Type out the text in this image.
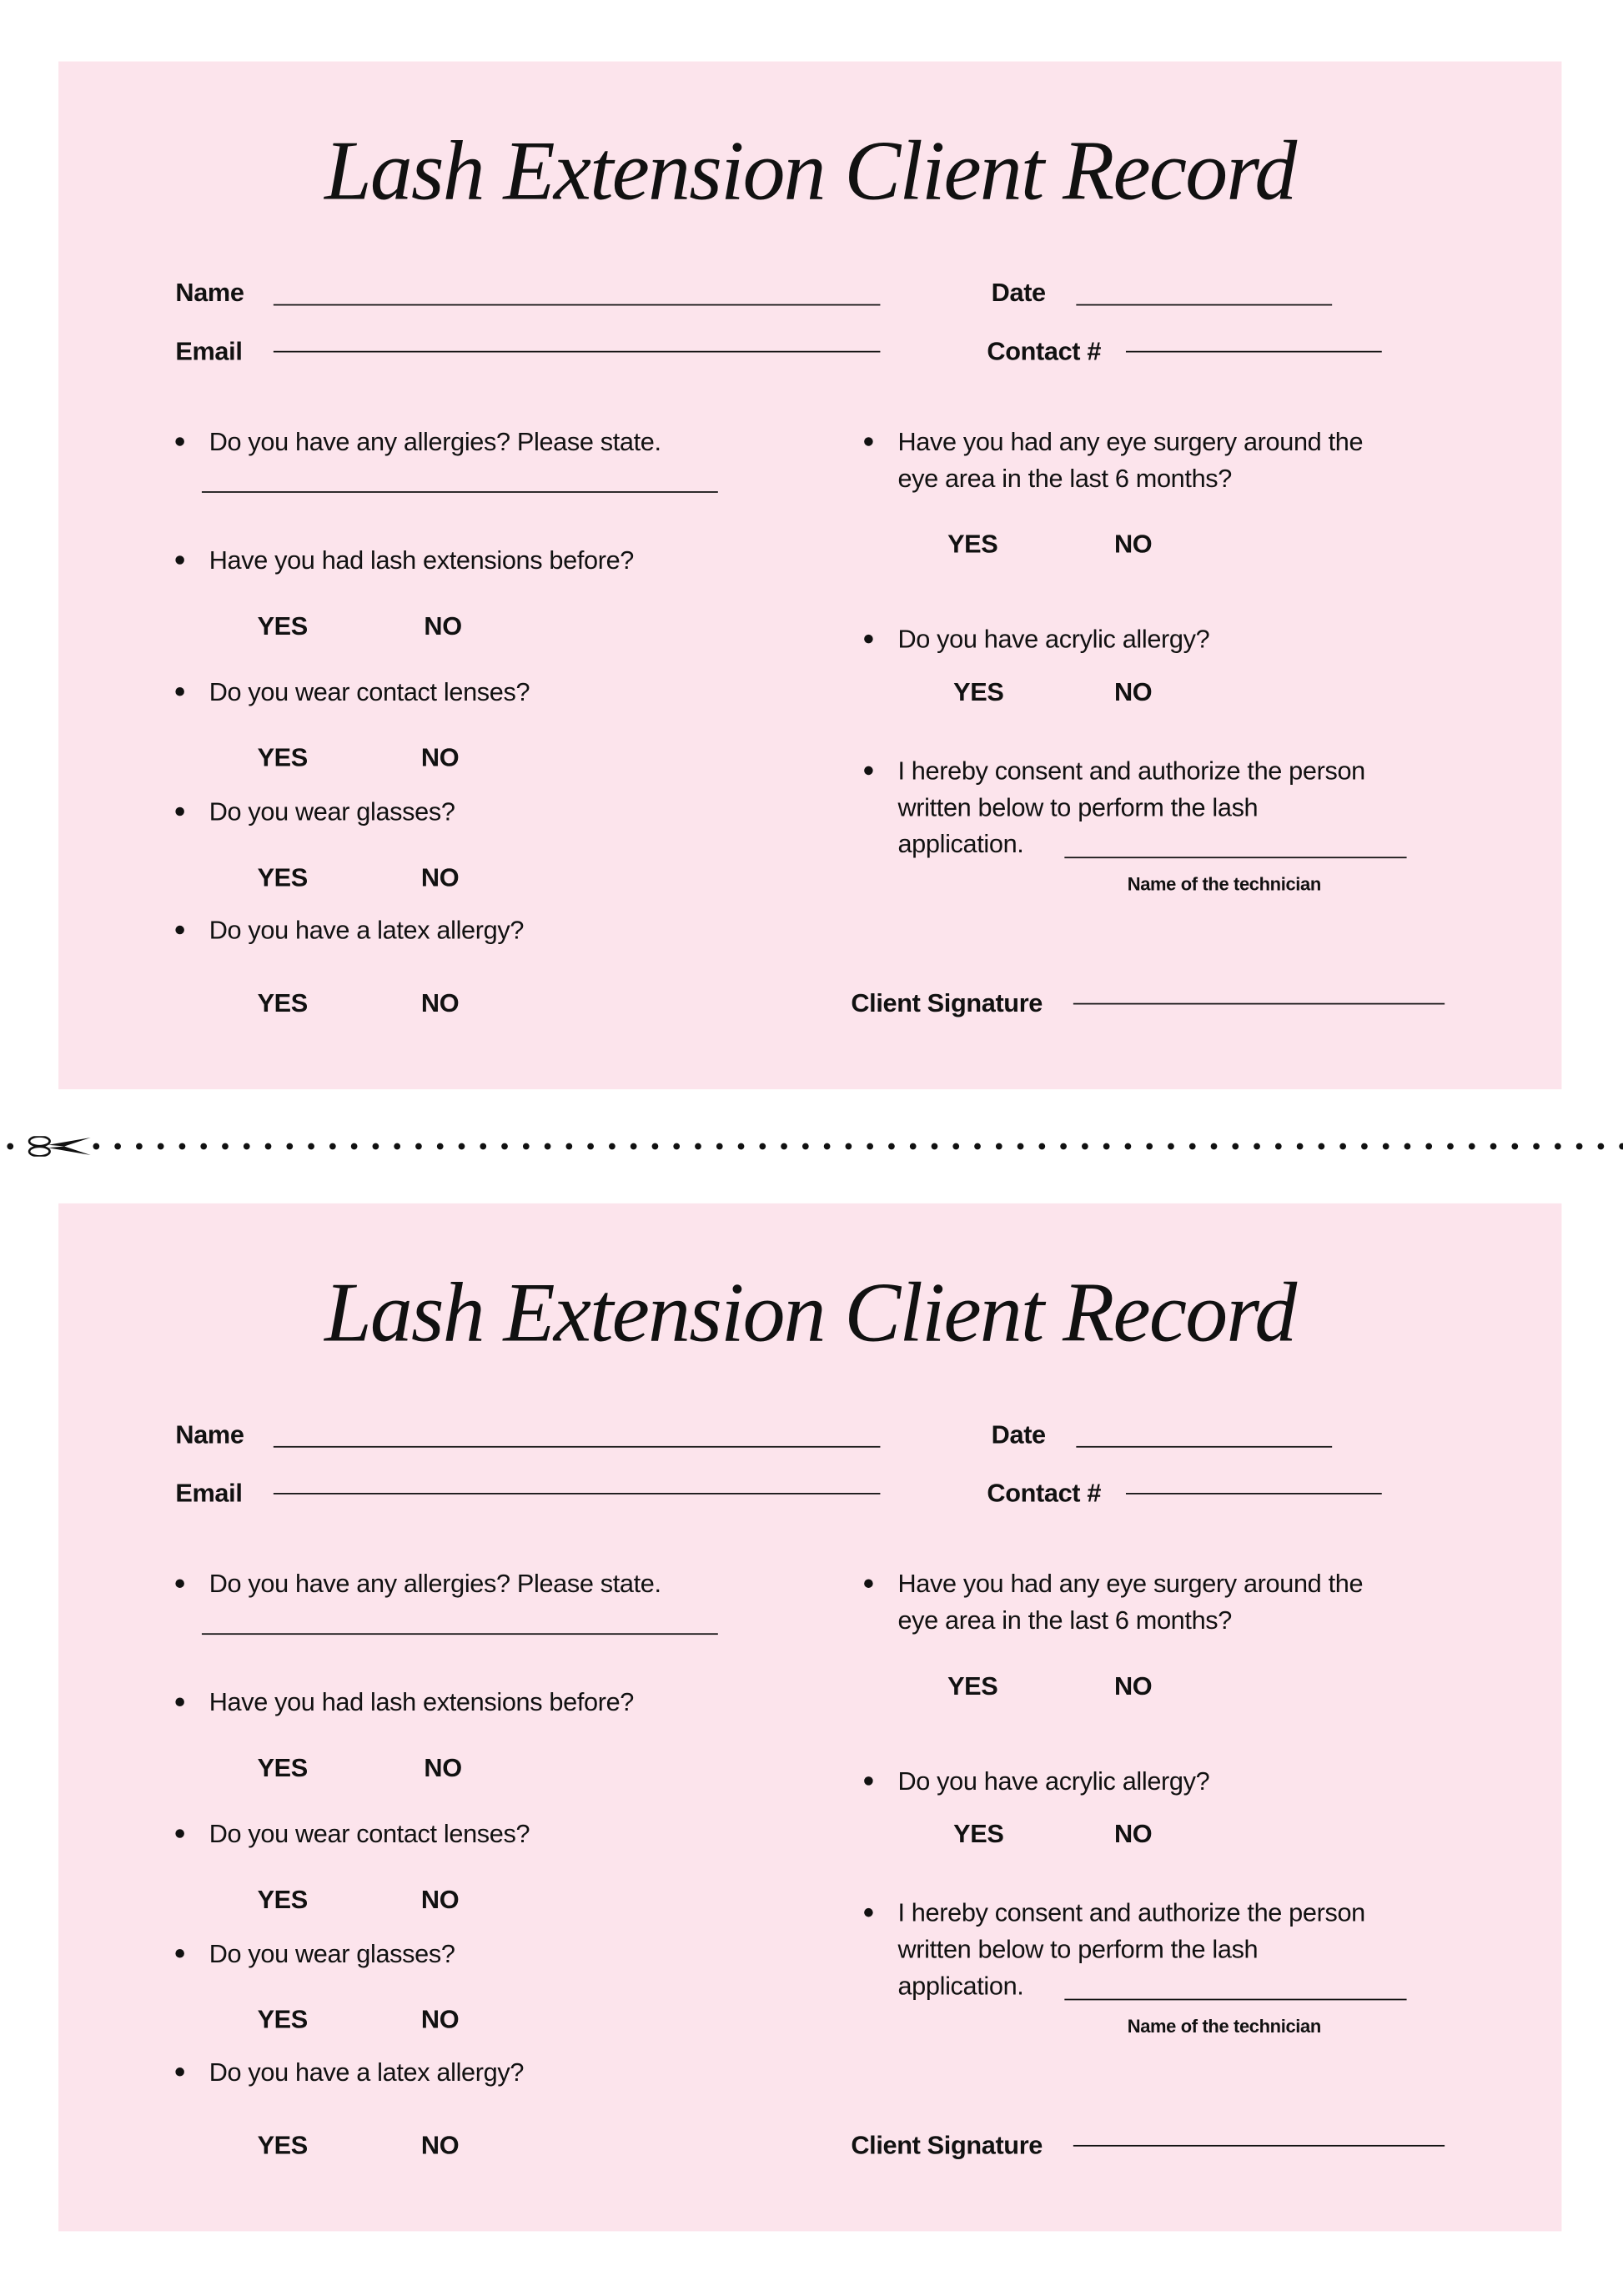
Lash Extension Client Record
Name	Date
Email	Contact #
Do you have any allergies? Please state.
Have you had lash extensions before?
YES	NO
Do you wear contact lenses?
YES	NO
Do you wear glasses?
YES	NO
Do you have a latex allergy?
YES	NO
Have you had any eye surgery around the
eye area in the last 6 months?
YES	NO
Do you have acrylic allergy?
YES	NO
I hereby consent and authorize the person
written below to perform the lash
application.
Name of the technician
Client Signature
Lash Extension Client Record
Name	Date
Email	Contact #
Do you have any allergies? Please state.
Have you had lash extensions before?
YES	NO
Do you wear contact lenses?
YES	NO
Do you wear glasses?
YES	NO
Do you have a latex allergy?
YES	NO
Have you had any eye surgery around the
eye area in the last 6 months?
YES	NO
Do you have acrylic allergy?
YES	NO
I hereby consent and authorize the person
written below to perform the lash
application.
Name of the technician
Client Signature
